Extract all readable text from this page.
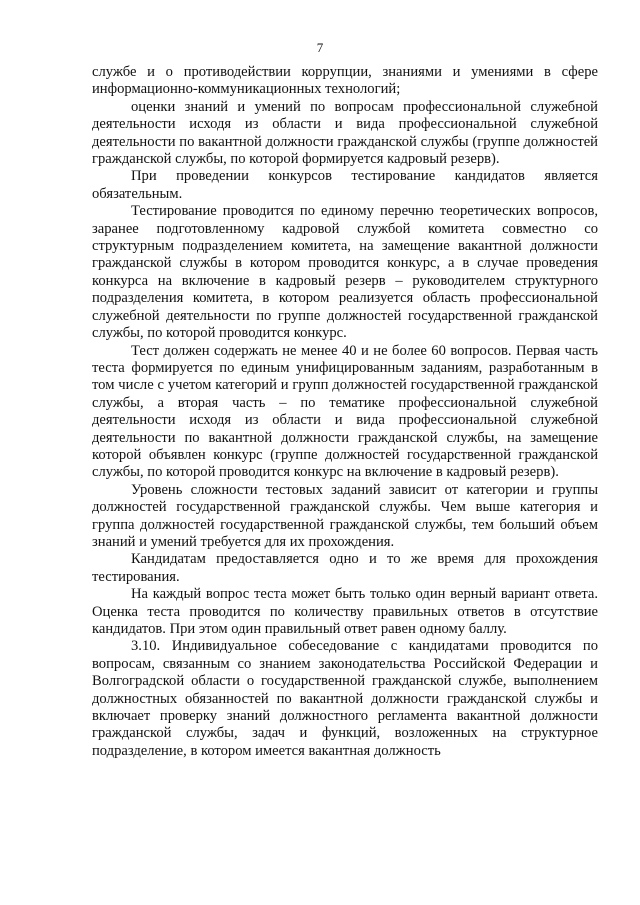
7

службе и о противодействии коррупции, знаниями и умениями в сфере информационно-коммуникационных технологий;

оценки знаний и умений по вопросам профессиональной служебной деятельности исходя из области и вида профессиональной служебной деятельности по вакантной должности гражданской службы (группе должностей гражданской службы, по которой формируется кадровый резерв).

При проведении конкурсов тестирование кандидатов является обязательным.

Тестирование проводится по единому перечню теоретических вопросов, заранее подготовленному кадровой службой комитета совместно со структурным подразделением комитета, на замещение вакантной должности гражданской службы в котором проводится конкурс, а в случае проведения конкурса на включение в кадровый резерв – руководителем структурного подразделения комитета, в котором реализуется область профессиональной служебной деятельности по группе должностей государственной гражданской службы, по которой проводится конкурс.

Тест должен содержать не менее 40 и не более 60 вопросов. Первая часть теста формируется по единым унифицированным заданиям, разработанным в том числе с учетом категорий и групп должностей государственной гражданской службы, а вторая часть – по тематике профессиональной служебной деятельности исходя из области и вида профессиональной служебной деятельности по вакантной должности гражданской службы, на замещение которой объявлен конкурс (группе должностей государственной гражданской службы, по которой проводится конкурс на включение в кадровый резерв).

Уровень сложности тестовых заданий зависит от категории и группы должностей государственной гражданской службы. Чем выше категория и группа должностей государственной гражданской службы, тем больший объем знаний и умений требуется для их прохождения.

Кандидатам предоставляется одно и то же время для прохождения тестирования.

На каждый вопрос теста может быть только один верный вариант ответа. Оценка теста проводится по количеству правильных ответов в отсутствие кандидатов. При этом один правильный ответ равен одному баллу.

3.10. Индивидуальное собеседование с кандидатами проводится по вопросам, связанным со знанием законодательства Российской Федерации и Волгоградской области о государственной гражданской службе, выполнением должностных обязанностей по вакантной должности гражданской службы и включает проверку знаний должностного регламента вакантной должности гражданской службы, задач и функций, возложенных на структурное подразделение, в котором имеется вакантная должность
